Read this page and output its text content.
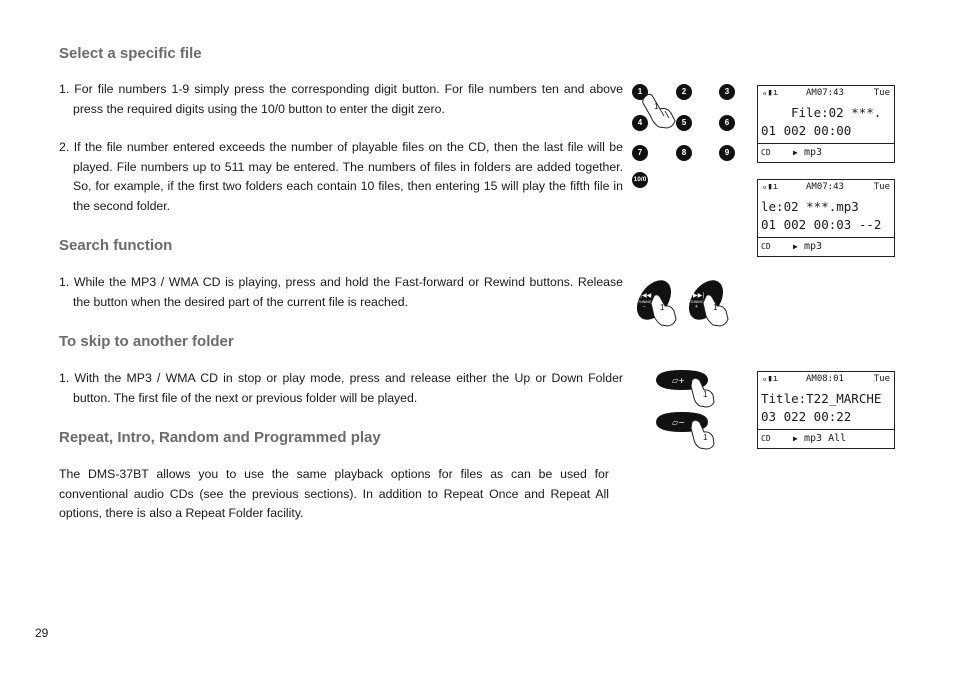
Select a specific file

1. For file numbers 1-9 simply press the corresponding digit button. For file numbers ten and above press the required digits using the 10/0 button to enter the digit zero.

2. If the file number entered exceeds the number of playable files on the CD, then the last file will be played. File numbers up to 511 may be entered. The numbers of files in folders are added together. So, for example, if the first two folders each contain 10 files, then entering 15 will play the fifth file in the second folder.

Search function

1. While the MP3 / WMA CD is playing, press and hold the Fast-forward or Rewind buttons. Release the button when the desired part of the current file is reached.

To skip to another folder

1. With the MP3 / WMA CD in stop or play mode, press and release either the Up or Down Folder button. The first file of the next or previous folder will be played.

Repeat, Intro, Random and Programmed play

The DMS-37BT allows you to use the same playback options for files as can be used for conventional audio CDs (see the previous sections). In addition to Repeat Once and Repeat All options, there is also a Repeat Folder facility.

29
1	2	3
4	5	6
7	8	9
10/0
1
|◀◀
TUNING
− 1
▶▶|
TUNING
+ 1
▱+
1
▱−
1
ₒ▮ı	AM07:43	Tue
File:02 ***.
01 002 00:00
CD	▶ mp3
ₒ▮ı	AM07:43	Tue
le:02 ***.mp3
01 002 00:03 --2
CD	▶ mp3
ₒ▮ı	AM08:01	Tue
Title:T22_MARCHE
03 022 00:22
CD	▶ mp3 All
